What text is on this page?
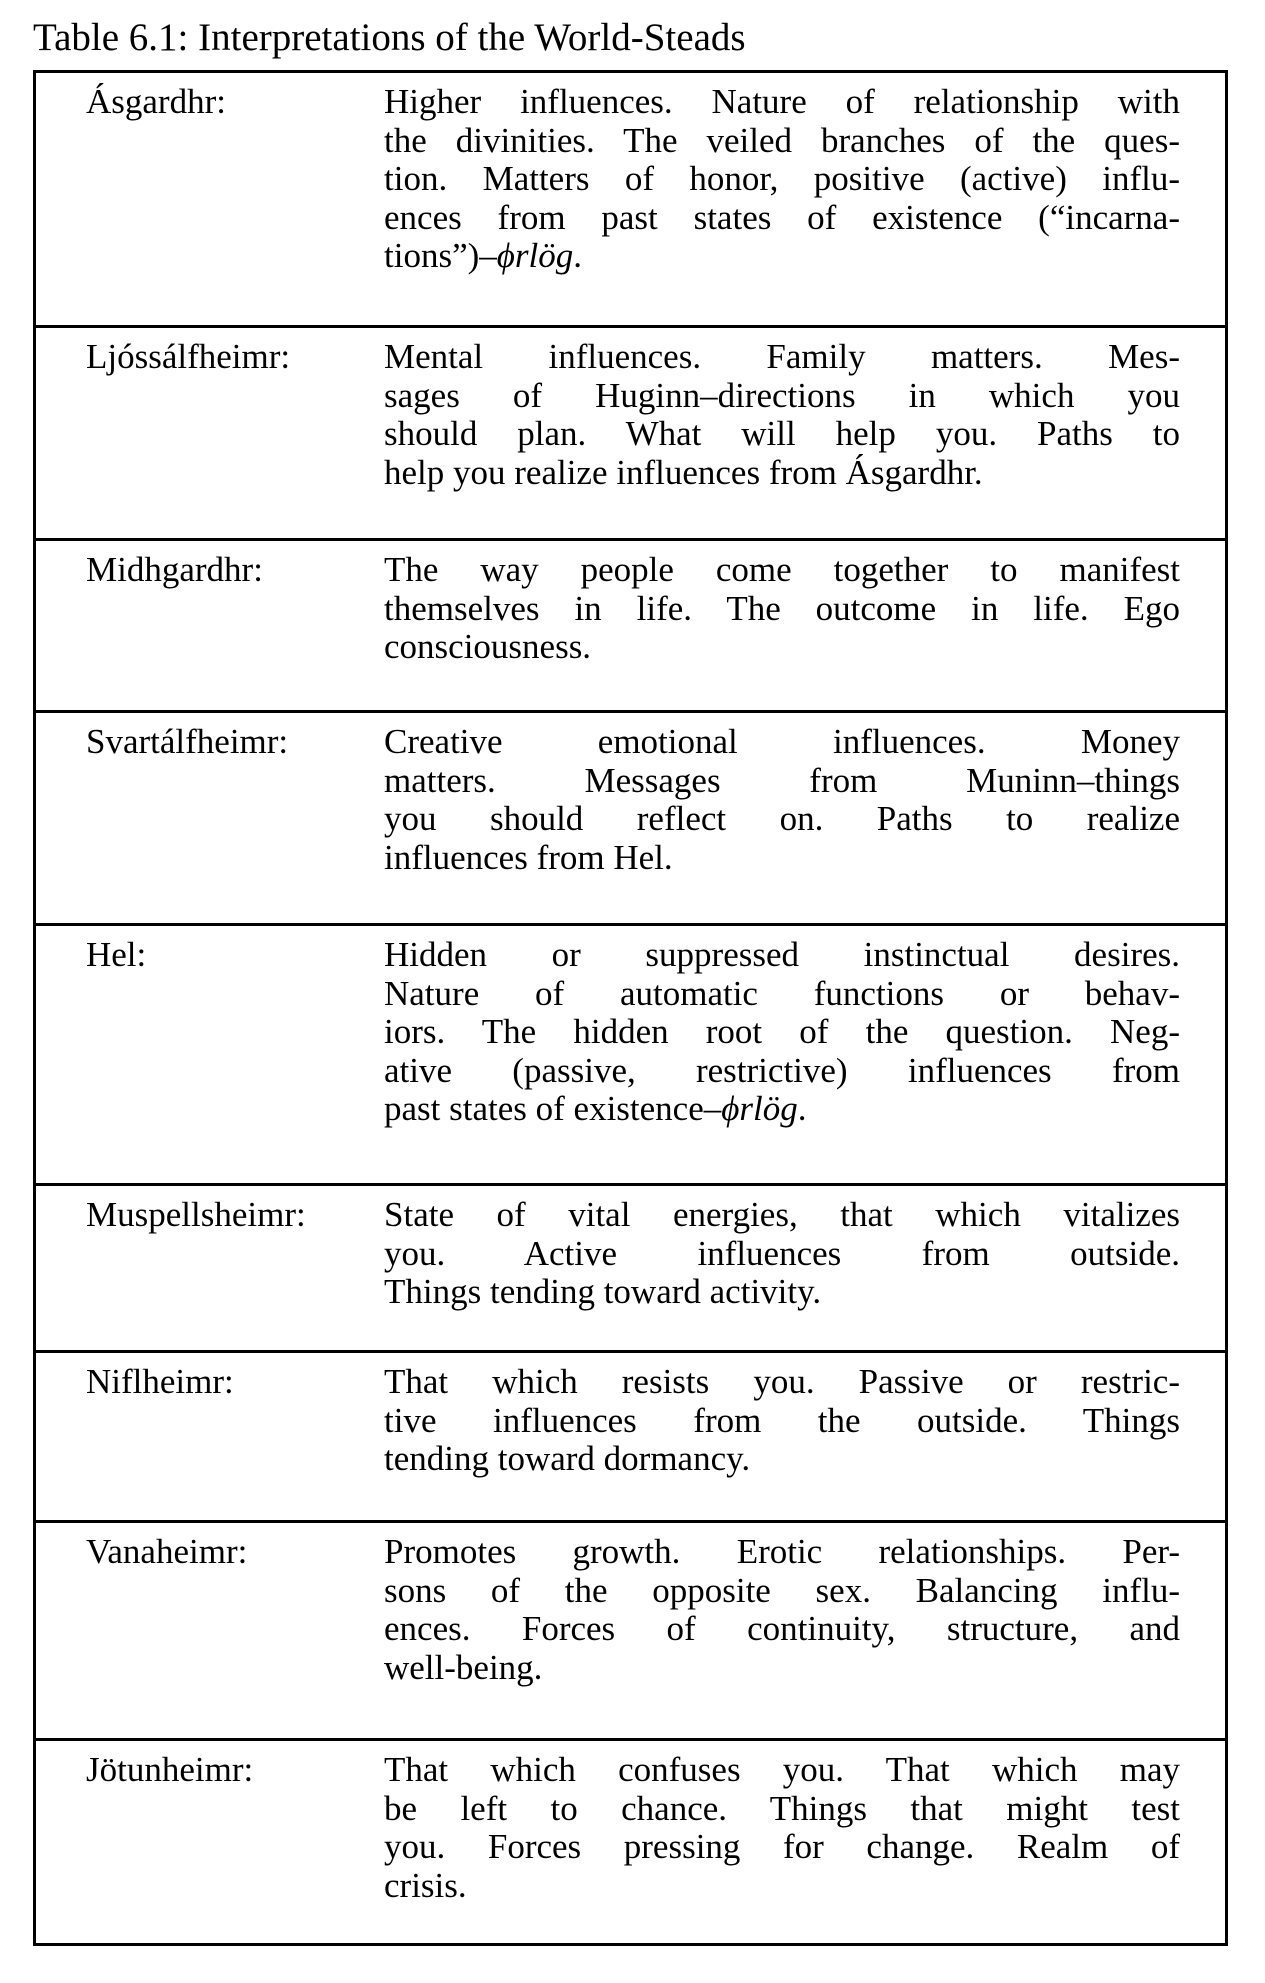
Table 6.1: Interpretations of the World-Steads
Ásgardhr:	Higher influences. Nature of relationship with
the divinities. The veiled branches of the ques-
tion. Matters of honor, positive (active) influ-
ences from past states of existence (“incarna-
tions”)–ϕrlög.
Ljóssálfheimr:	Mental influences. Family matters. Mes-
sages of Huginn–directions in which you
should plan. What will help you. Paths to
help you realize influences from Ásgardhr.
Midhgardhr:	The way people come together to manifest
themselves in life. The outcome in life. Ego
consciousness.
Svartálfheimr:	Creative emotional influences. Money
matters. Messages from Muninn–things
you should reflect on. Paths to realize
influences from Hel.
Hel:	Hidden or suppressed instinctual desires.
Nature of automatic functions or behav-
iors. The hidden root of the question. Neg-
ative (passive, restrictive) influences from
past states of existence–ϕrlög.
Muspellsheimr: State of vital energies, that which vitalizes
you. Active influences from outside.
Things tending toward activity.
Niflheimr:	That which resists you. Passive or restric-
tive influences from the outside. Things
tending toward dormancy.
Vanaheimr:	Promotes growth. Erotic relationships. Per-
sons of the opposite sex. Balancing influ-
ences. Forces of continuity, structure, and
well-being.
Jötunheimr:	That which confuses you. That which may
be left to chance. Things that might test
you. Forces pressing for change. Realm of
crisis.
